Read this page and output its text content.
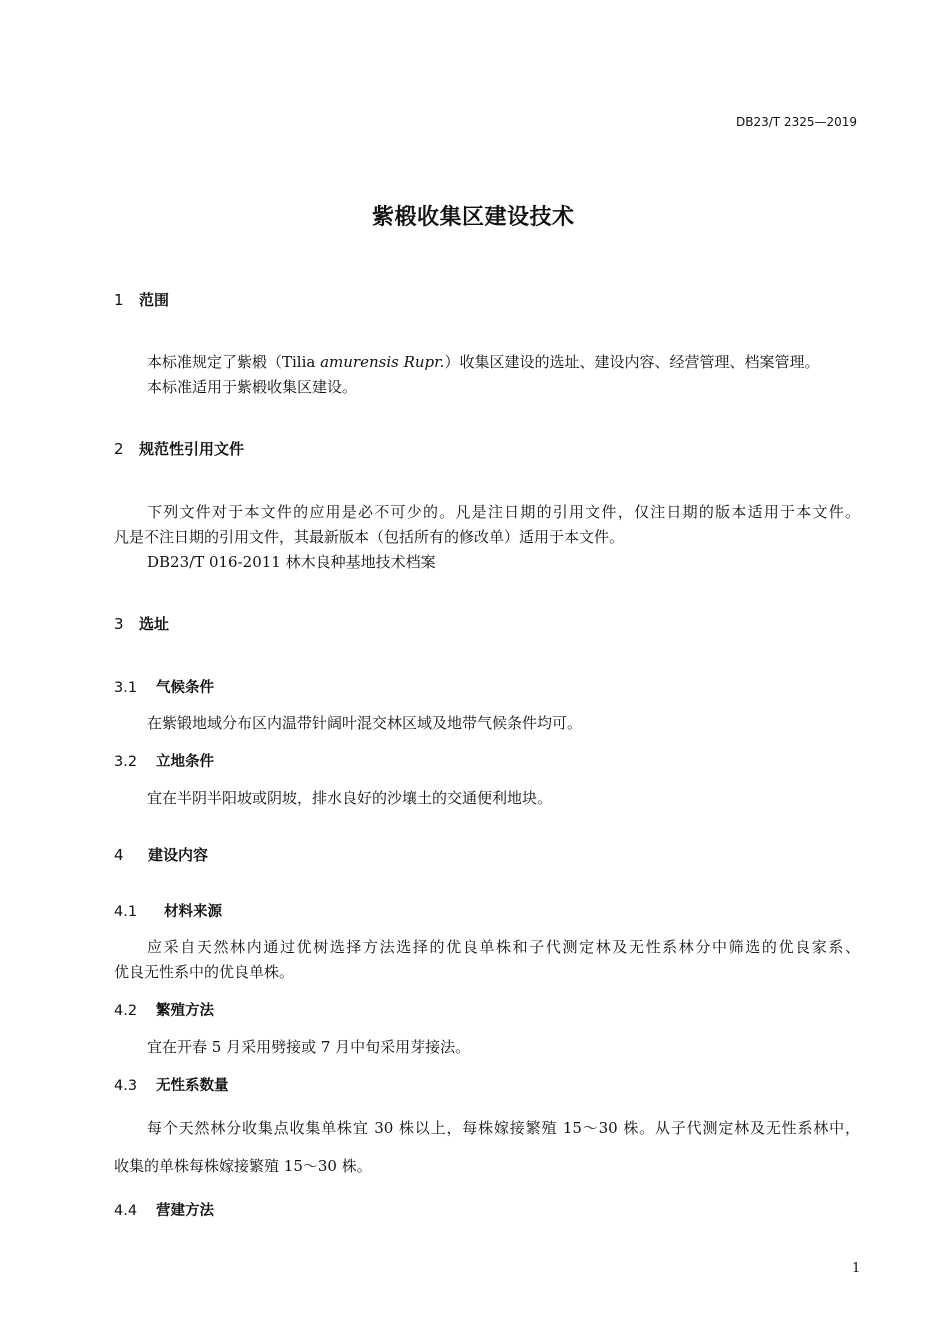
DB23/T 2325—2019
紫椴收集区建设技术
1 范围
本标准规定了紫椴（Tilia amurensis Rupr.）收集区建设的选址、建设内容、经营管理、档案管理。
本标准适用于紫椴收集区建设。
2 规范性引用文件
下列文件对于本文件的应用是必不可少的。凡是注日期的引用文件，仅注日期的版本适用于本文件。
凡是不注日期的引用文件，其最新版本（包括所有的修改单）适用于本文件。
DB23/T 016-2011 林木良种基地技术档案
3 选址
3.1 气候条件
在紫锻地域分布区内温带针阔叶混交林区域及地带气候条件均可。
3.2 立地条件
宜在半阴半阳坡或阴坡，排水良好的沙壤土的交通便利地块。
4 建设内容
4.1 材料来源
应采自天然林内通过优树选择方法选择的优良单株和子代测定林及无性系林分中筛选的优良家系、
优良无性系中的优良单株。
4.2 繁殖方法
宜在开春 5 月采用劈接或 7 月中旬采用芽接法。
4.3 无性系数量
每个天然林分收集点收集单株宜 30 株以上，每株嫁接繁殖 15～30 株。从子代测定林及无性系林中，
收集的单株每株嫁接繁殖 15～30 株。
4.4 营建方法
1
